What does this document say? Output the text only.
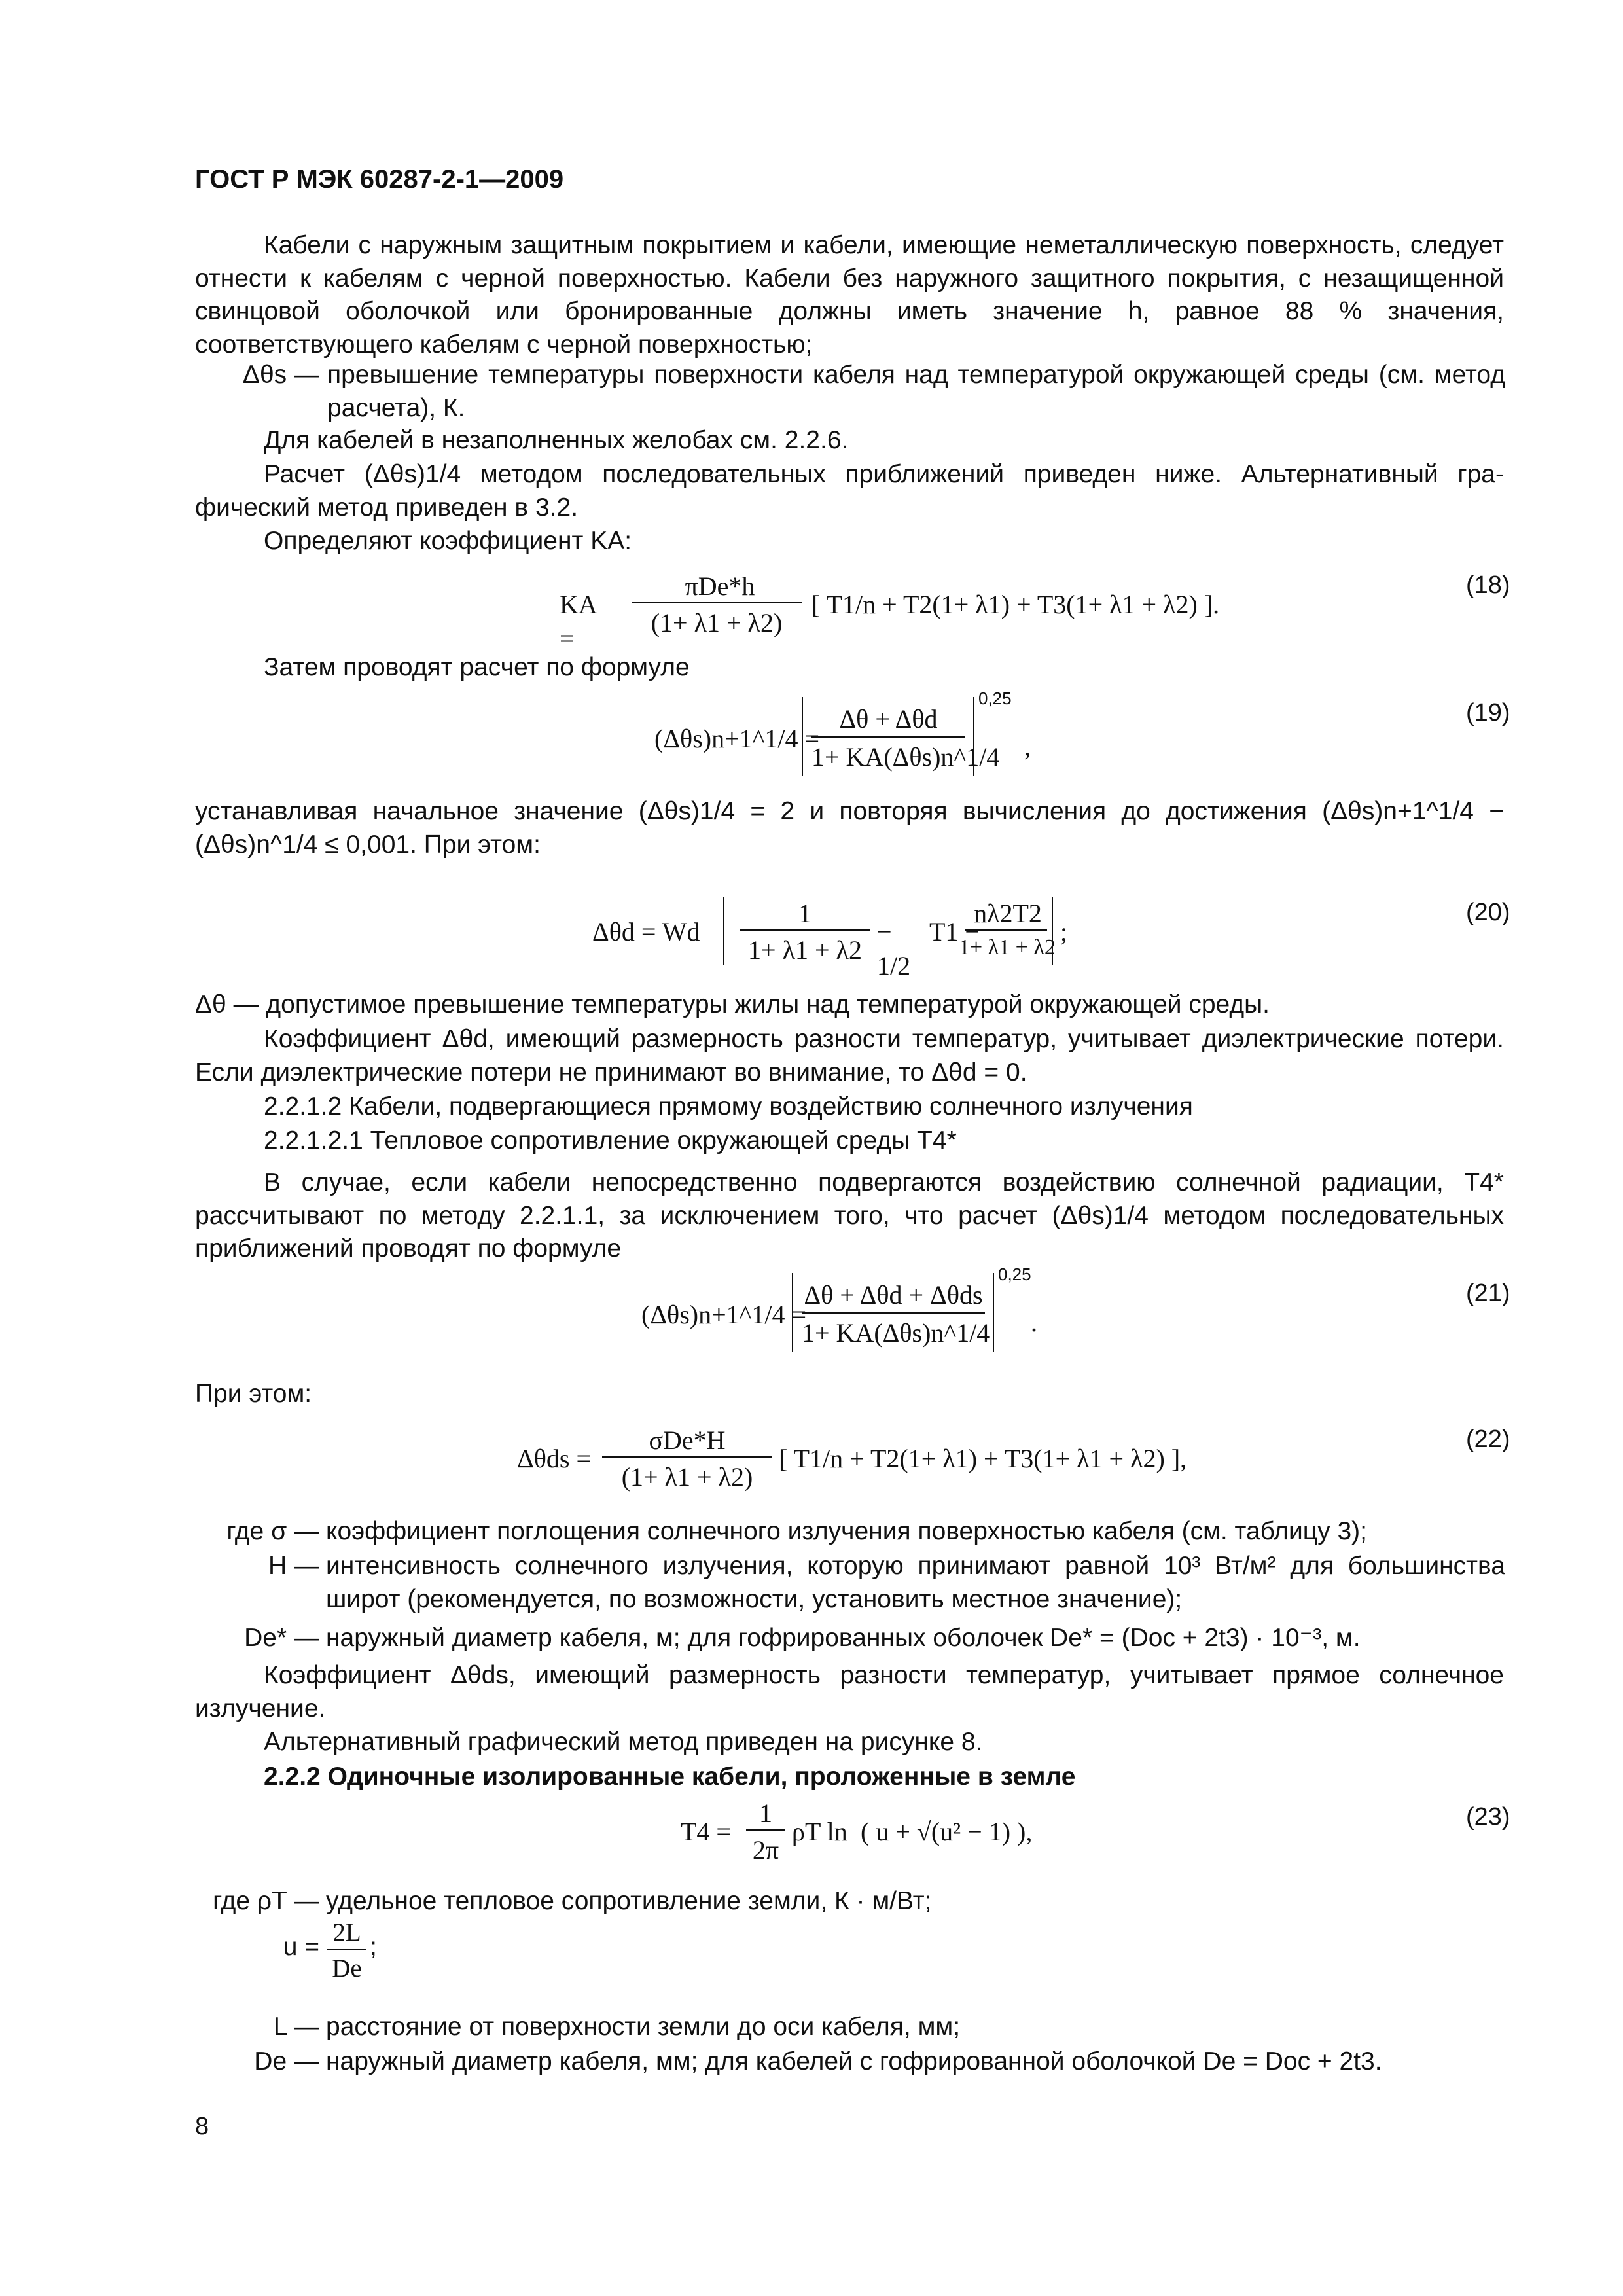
ГОСТ Р МЭК 60287-2-1—2009
Кабели с наружным защитным покрытием и кабели, имеющие неметаллическую поверхность, следует отнести к кабелям с черной поверхностью. Кабели без наружного защитного покрытия, с незащищенной свинцовой оболочкой или бронированные должны иметь значение h, равное 88 % значения, соответствующего кабелям с черной поверхностью;
Δθs — превышение температуры поверхности кабеля над температурой окружающей среды (см. метод расчета), К.
Для кабелей в незаполненных желобах см. 2.2.6.
Расчет (Δθs)1/4 методом последовательных приближений приведен ниже. Альтернативный графический метод приведен в 3.2.
Определяют коэффициент KA:
KA =
πDe*h
(1+ λ1 + λ2)
[ T1/n + T2(1+ λ1) + T3(1+ λ1 + λ2) ].
(18)
Затем проводят расчет по формуле
(Δθs)n+1^1/4 =
Δθ + Δθd
1+ KA(Δθs)n^1/4
0,25
,
(19)
устанавливая начальное значение (Δθs)1/4 = 2 и повторяя вычисления до достижения (Δθs)n+1^1/4 − (Δθs)n^1/4 ≤ 0,001. При этом:
Δθd = Wd
1
1+ λ1 + λ2
− 1/2
T1 −
nλ2T2
1+ λ1 + λ2
;
(20)
Δθ — допустимое превышение температуры жилы над температурой окружающей среды.
Коэффициент Δθd, имеющий размерность разности температур, учитывает диэлектрические потери. Если диэлектрические потери не принимают во внимание, то Δθd = 0.
2.2.1.2 Кабели, подвергающиеся прямому воздействию солнечного излучения
2.2.1.2.1 Тепловое сопротивление окружающей среды T4*
В случае, если кабели непосредственно подвергаются воздействию солнечной радиации, T4* рассчитывают по методу 2.2.1.1, за исключением того, что расчет (Δθs)1/4 методом последовательных приближений проводят по формуле
(Δθs)n+1^1/4 =
Δθ + Δθd + Δθds
1+ KA(Δθs)n^1/4
0,25
.
(21)
При этом:
Δθds =
σDe*H
(1+ λ1 + λ2)
[ T1/n + T2(1+ λ1) + T3(1+ λ1 + λ2) ],
(22)
где σ — коэффициент поглощения солнечного излучения поверхностью кабеля (см. таблицу 3);
H — интенсивность солнечного излучения, которую принимают равной 10³ Вт/м² для большинства широт (рекомендуется, по возможности, установить местное значение);
De* — наружный диаметр кабеля, м; для гофрированных оболочек De* = (Doc + 2t3) · 10⁻³, м.
Коэффициент Δθds, имеющий размерность разности температур, учитывает прямое солнечное излучение.
Альтернативный графический метод приведен на рисунке 8.
2.2.2 Одиночные изолированные кабели, проложенные в земле
T4 =
1
2π
ρT ln ( u + √(u² − 1) ),	(23)
где ρT — удельное тепловое сопротивление земли, К · м/Вт;
u =
2L
De
;
L — расстояние от поверхности земли до оси кабеля, мм;
De — наружный диаметр кабеля, мм; для кабелей с гофрированной оболочкой De = Doc + 2t3.
8
